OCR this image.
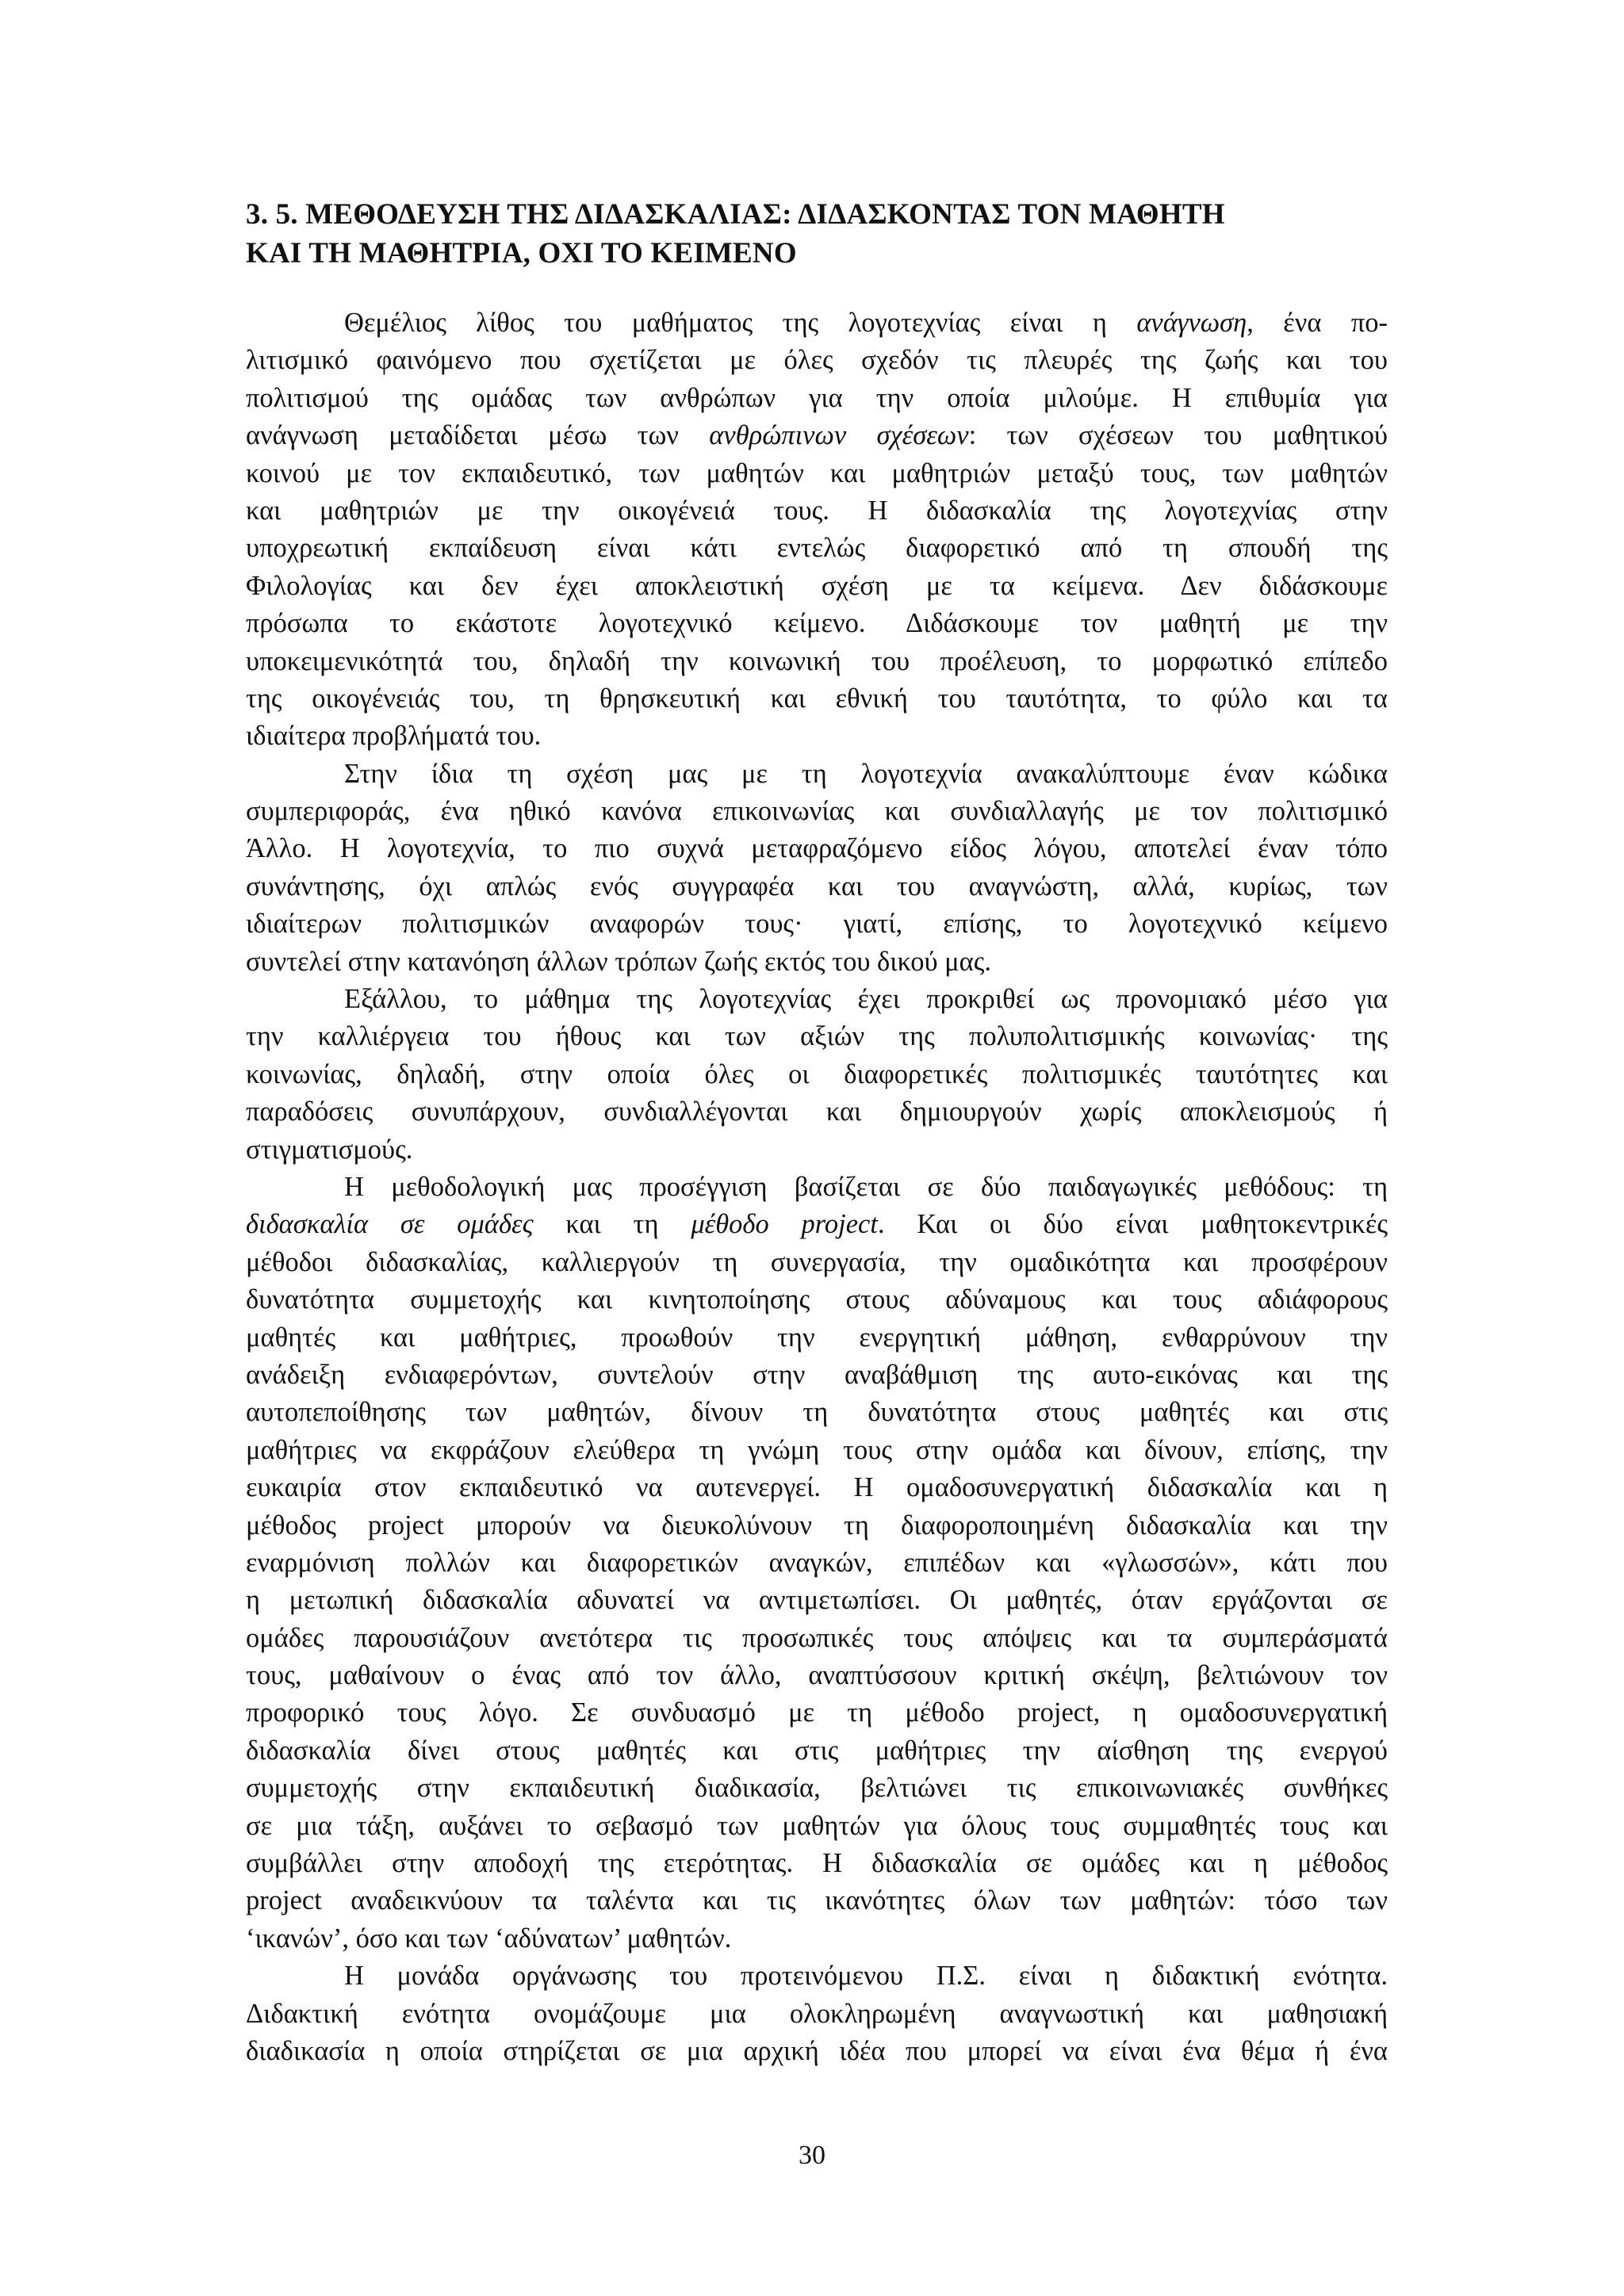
3. 5. ΜΕΘΟΔΕΥΣΗ ΤΗΣ ΔΙΔΑΣΚΑΛΙΑΣ: ΔΙΔΑΣΚΟΝΤΑΣ ΤΟΝ ΜΑΘΗΤΗ
ΚΑΙ ΤΗ ΜΑΘΗΤΡΙΑ, ΟΧΙ ΤΟ ΚΕΙΜΕΝΟ
Θεμέλιος λίθος του μαθήματος της λογοτεχνίας είναι η ανάγνωση, ένα πο-
λιτισμικό φαινόμενο που σχετίζεται με όλες σχεδόν τις πλευρές της ζωής και του
πολιτισμού της ομάδας των ανθρώπων για την οποία μιλούμε. Η επιθυμία για
ανάγνωση μεταδίδεται μέσω των ανθρώπινων σχέσεων: των σχέσεων του μαθητικού
κοινού με τον εκπαιδευτικό, των μαθητών και μαθητριών μεταξύ τους, των μαθητών
και μαθητριών με την οικογένειά τους. Η διδασκαλία της λογοτεχνίας στην
υποχρεωτική εκπαίδευση είναι κάτι εντελώς διαφορετικό από τη σπουδή της
Φιλολογίας και δεν έχει αποκλειστική σχέση με τα κείμενα. Δεν διδάσκουμε
πρόσωπα το εκάστοτε λογοτεχνικό κείμενο. Διδάσκουμε τον μαθητή με την
υποκειμενικότητά του, δηλαδή την κοινωνική του προέλευση, το μορφωτικό επίπεδο
της οικογένειάς του, τη θρησκευτική και εθνική του ταυτότητα, το φύλο και τα
ιδιαίτερα προβλήματά του.
Στην ίδια τη σχέση μας με τη λογοτεχνία ανακαλύπτουμε έναν κώδικα
συμπεριφοράς, ένα ηθικό κανόνα επικοινωνίας και συνδιαλλαγής με τον πολιτισμικό
Άλλο. Η λογοτεχνία, το πιο συχνά μεταφραζόμενο είδος λόγου, αποτελεί έναν τόπο
συνάντησης, όχι απλώς ενός συγγραφέα και του αναγνώστη, αλλά, κυρίως, των
ιδιαίτερων πολιτισμικών αναφορών τους· γιατί, επίσης, το λογοτεχνικό κείμενο
συντελεί στην κατανόηση άλλων τρόπων ζωής εκτός του δικού μας.
Εξάλλου, το μάθημα της λογοτεχνίας έχει προκριθεί ως προνομιακό μέσο για
την καλλιέργεια του ήθους και των αξιών της πολυπολιτισμικής κοινωνίας· της
κοινωνίας, δηλαδή, στην οποία όλες οι διαφορετικές πολιτισμικές ταυτότητες και
παραδόσεις συνυπάρχουν, συνδιαλλέγονται και δημιουργούν χωρίς αποκλεισμούς ή
στιγματισμούς.
Η μεθοδολογική μας προσέγγιση βασίζεται σε δύο παιδαγωγικές μεθόδους: τη
διδασκαλία σε ομάδες και τη μέθοδο project. Και οι δύο είναι μαθητοκεντρικές
μέθοδοι διδασκαλίας, καλλιεργούν τη συνεργασία, την ομαδικότητα και προσφέρουν
δυνατότητα συμμετοχής και κινητοποίησης στους αδύναμους και τους αδιάφορους
μαθητές και μαθήτριες, προωθούν την ενεργητική μάθηση, ενθαρρύνουν την
ανάδειξη ενδιαφερόντων, συντελούν στην αναβάθμιση της αυτο-εικόνας και της
αυτοπεποίθησης των μαθητών, δίνουν τη δυνατότητα στους μαθητές και στις
μαθήτριες να εκφράζουν ελεύθερα τη γνώμη τους στην ομάδα και δίνουν, επίσης, την
ευκαιρία στον εκπαιδευτικό να αυτενεργεί. Η ομαδοσυνεργατική διδασκαλία και η
μέθοδος project μπορούν να διευκολύνουν τη διαφοροποιημένη διδασκαλία και την
εναρμόνιση πολλών και διαφορετικών αναγκών, επιπέδων και «γλωσσών», κάτι που
η μετωπική διδασκαλία αδυνατεί να αντιμετωπίσει. Οι μαθητές, όταν εργάζονται σε
ομάδες παρουσιάζουν ανετότερα τις προσωπικές τους απόψεις και τα συμπεράσματά
τους, μαθαίνουν ο ένας από τον άλλο, αναπτύσσουν κριτική σκέψη, βελτιώνουν τον
προφορικό τους λόγο. Σε συνδυασμό με τη μέθοδο project, η ομαδοσυνεργατική
διδασκαλία δίνει στους μαθητές και στις μαθήτριες την αίσθηση της ενεργού
συμμετοχής στην εκπαιδευτική διαδικασία, βελτιώνει τις επικοινωνιακές συνθήκες
σε μια τάξη, αυξάνει το σεβασμό των μαθητών για όλους τους συμμαθητές τους και
συμβάλλει στην αποδοχή της ετερότητας. Η διδασκαλία σε ομάδες και η μέθοδος
project αναδεικνύουν τα ταλέντα και τις ικανότητες όλων των μαθητών: τόσο των
‘ικανών’, όσο και των ‘αδύνατων’ μαθητών.
Η μονάδα οργάνωσης του προτεινόμενου Π.Σ. είναι η διδακτική ενότητα.
Διδακτική ενότητα ονομάζουμε μια ολοκληρωμένη αναγνωστική και μαθησιακή
διαδικασία η οποία στηρίζεται σε μια αρχική ιδέα που μπορεί να είναι ένα θέμα ή ένα
30
